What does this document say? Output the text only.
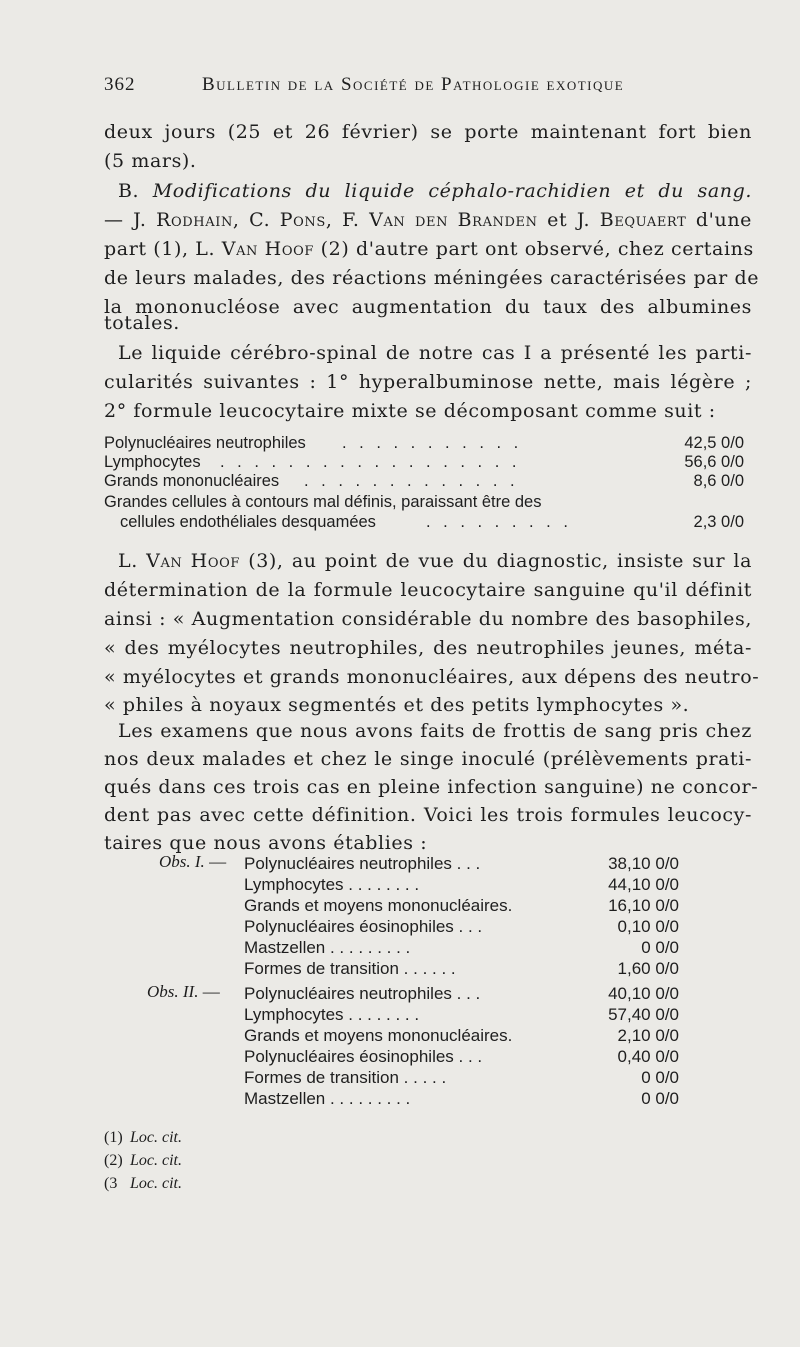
362	Bulletin de la Société de Pathologie exotique
deux jours (25 et 26 février) se porte maintenant fort bien
(5 mars).
B. Modifications du liquide céphalo-rachidien et du sang.
— J. Rodhain, C. Pons, F. Van den Branden et J. Bequaert d'une
part (1), L. Van Hoof (2) d'autre part ont observé, chez certains
de leurs malades, des réactions méningées caractérisées par de
la mononucléose avec augmentation du taux des albumines
totales.
Le liquide cérébro-spinal de notre cas I a présenté les parti-
cularités suivantes : 1° hyperalbuminose nette, mais légère ;
2° formule leucocytaire mixte se décomposant comme suit :
Polynucléaires neutrophiles . . . . . . . . . . .	42,5 0/0
Lymphocytes . . . . . . . . . . . . . . . . . .	56,6 0/0
Grands mononucléaires . . . . . . . . . . . . .	8,6 0/0
Grandes cellules à contours mal définis, paraissant être des
cellules endothéliales desquamées	. . . . . . . . .	2,3 0/0
L. Van Hoof (3), au point de vue du diagnostic, insiste sur la
détermination de la formule leucocytaire sanguine qu'il définit
ainsi : « Augmentation considérable du nombre des basophiles,
« des myélocytes neutrophiles, des neutrophiles jeunes, méta-
« myélocytes et grands mononucléaires, aux dépens des neutro-
« philes à noyaux segmentés et des petits lymphocytes ».
Les examens que nous avons faits de frottis de sang pris chez
nos deux malades et chez le singe inoculé (prélèvements prati-
qués dans ces trois cas en pleine infection sanguine) ne concor-
dent pas avec cette définition. Voici les trois formules leucocy-
taires que nous avons établies :
Obs. I. —	Polynucléaires neutrophiles . . .	38,10 0/0
Lymphocytes . . . . . . . .	44,10 0/0
Grands et moyens mononucléaires.	16,10 0/0
Polynucléaires éosinophiles . . .	0,10 0/0
Mastzellen . . . . . . . . .	0 0/0
Formes de transition . . . . . .	1,60 0/0
Obs. II. —	Polynucléaires neutrophiles . . .	40,10 0/0
Lymphocytes . . . . . . . .	57,40 0/0
Grands et moyens mononucléaires.	2,10 0/0
Polynucléaires éosinophiles . . .	0,40 0/0
Formes de transition . . . . .	0 0/0
Mastzellen . . . . . . . . .	0 0/0
(1) Loc. cit.
(2) Loc. cit.
(3 Loc. cit.
